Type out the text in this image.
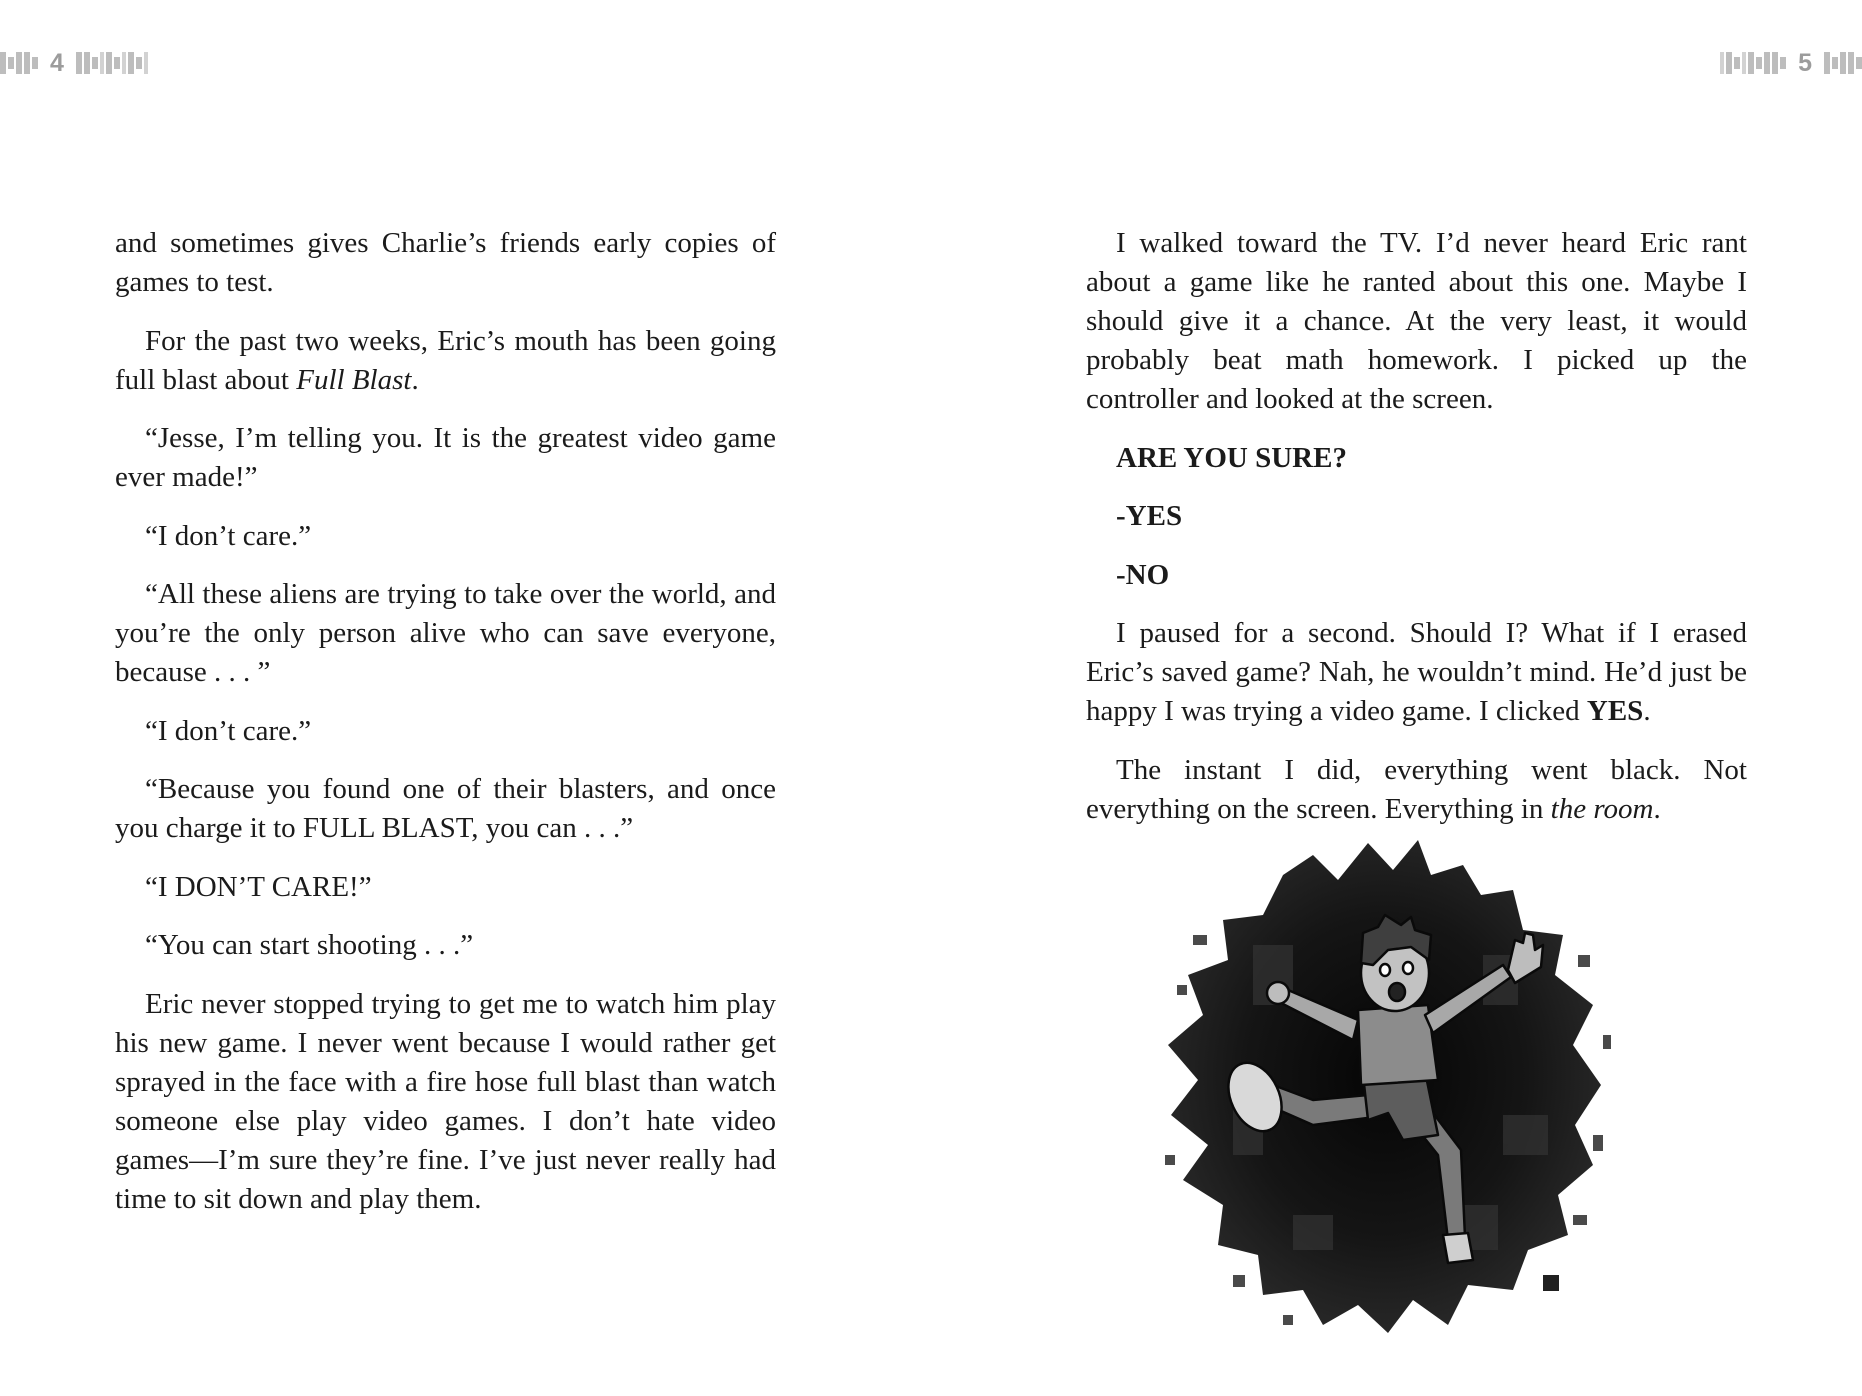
4

and sometimes gives Charlie’s friends early copies of games to test.

For the past two weeks, Eric’s mouth has been going full blast about Full Blast.

“Jesse, I’m telling you. It is the greatest video game ever made!”

“I don’t care.”

“All these aliens are trying to take over the world, and you’re the only person alive who can save everyone, because . . . ”

“I don’t care.”

“Because you found one of their blasters, and once you charge it to FULL BLAST, you can . . .”

“I DON’T CARE!”

“You can start shooting . . .”

Eric never stopped trying to get me to watch him play his new game. I never went because I would rather get sprayed in the face with a fire hose full blast than watch someone else play video games. I don’t hate video games—I’m sure they’re fine. I’ve just never really had time to sit down and play them.

5

I walked toward the TV. I’d never heard Eric rant about a game like he ranted about this one. Maybe I should give it a chance. At the very least, it would probably beat math homework. I picked up the controller and looked at the screen.

ARE YOU SURE?

-YES

-NO

I paused for a second. Should I? What if I erased Eric’s saved game? Nah, he wouldn’t mind. He’d just be happy I was trying a video game. I clicked YES.

The instant I did, everything went black. Not everything on the screen. Everything in the room.
